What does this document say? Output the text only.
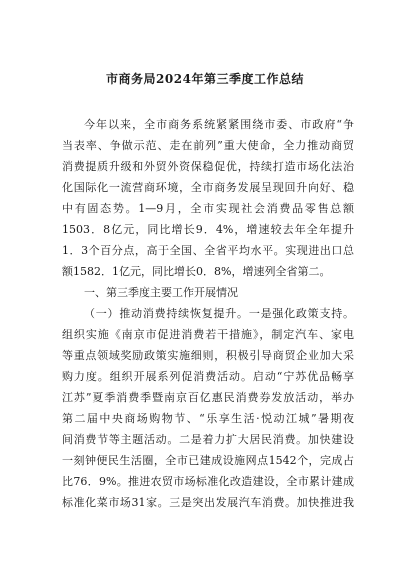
市商务局2024年第三季度工作总结
今年以来，全市商务系统紧紧围绕市委、市政府“争
当表率、争做示范、走在前列”重大使命，全力推动商贸
消费提质升级和外贸外资保稳促优，持续打造市场化法治
化国际化一流营商环境，全市商务发展呈现回升向好、稳
中有固态势。1—9月，全市实现社会消费品零售总额
1503．8亿元，同比增长9．4%，增速较去年全年提升
1．3个百分点，高于全国、全省平均水平。实现进出口总
额1582．1亿元，同比增长0．8%，增速列全省第二。
一、第三季度主要工作开展情况
（一）推动消费持续恢复提升。一是强化政策支持。
组织实施《南京市促进消费若干措施》，制定汽车、家电
等重点领域奖励政策实施细则，积极引导商贸企业加大采
购力度。组织开展系列促消费活动。启动“宁苏优品畅享
江苏”夏季消费季暨南京百亿惠民消费券发放活动，举办
第二届中央商场购物节、“乐享生活·悦动江城”暑期夜
间消费节等主题活动。二是着力扩大居民消费。加快建设
一刻钟便民生活圈，全市已建成设施网点1542个，完成占
比76．9%。推进农贸市场标准化改造建设，全市累计建成
标准化菜市场31家。三是突出发展汽车消费。加快推进我
